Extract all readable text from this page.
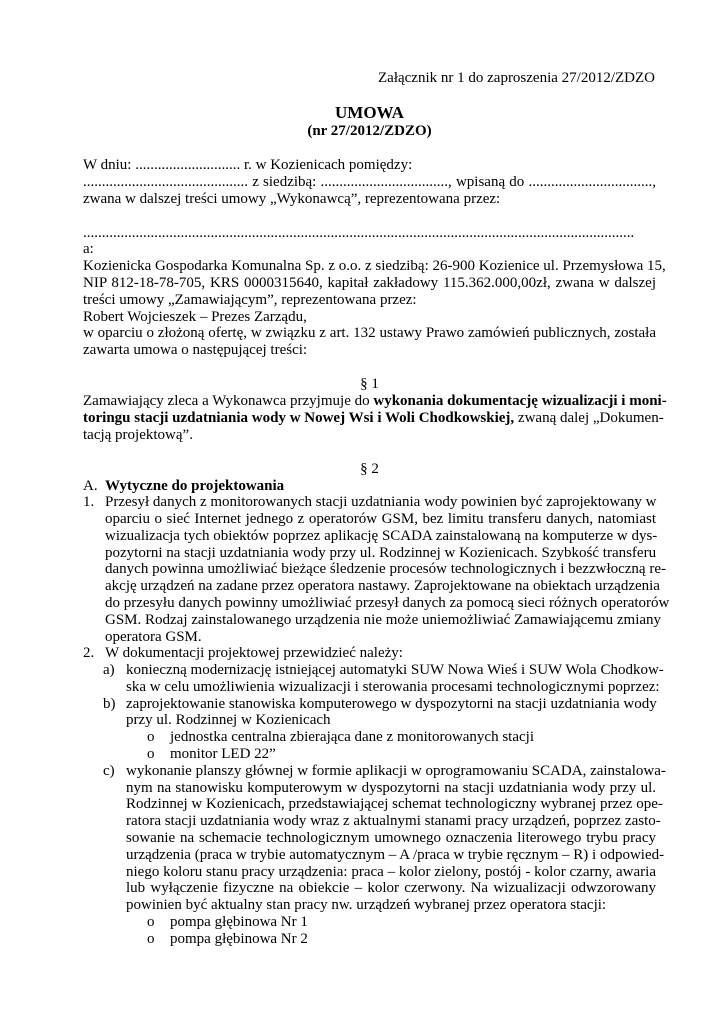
Załącznik nr 1 do zaproszenia 27/2012/ZDZO
UMOWA
(nr 27/2012/ZDZO)
W dniu: ............................ r. w Kozienicach pomiędzy:
............................................ z siedzibą: .................................., wpisaną do .................................,
zwana w dalszej treści umowy „Wykonawcą”, reprezentowana przez:
...................................................................................................................................................
a:
Kozienicka Gospodarka Komunalna Sp. z o.o. z siedzibą: 26-900 Kozienice ul. Przemysłowa 15,
NIP 812-18-78-705, KRS 0000315640, kapitał zakładowy 115.362.000,00zł, zwana w dalszej
treści umowy „Zamawiającym”, reprezentowana przez:
Robert Wojcieszek – Prezes Zarządu,
w oparciu o złożoną ofertę, w związku z art. 132 ustawy Prawo zamówień publicznych, została
zawarta umowa o następującej treści:
§ 1
Zamawiający zleca a Wykonawca przyjmuje do wykonania dokumentację wizualizacji i moni-
toringu stacji uzdatniania wody w Nowej Wsi i Woli Chodkowskiej, zwaną dalej „Dokumen-
tacją projektową”.
§ 2
A. Wytyczne do projektowania
1. Przesył danych z monitorowanych stacji uzdatniania wody powinien być zaprojektowany w
oparciu o sieć Internet jednego z operatorów GSM, bez limitu transferu danych, natomiast
wizualizacja tych obiektów poprzez aplikację SCADA zainstalowaną na komputerze w dys-
pozytorni na stacji uzdatniania wody przy ul. Rodzinnej w Kozienicach. Szybkość transferu
danych powinna umożliwiać bieżące śledzenie procesów technologicznych i bezzwłoczną re-
akcję urządzeń na zadane przez operatora nastawy. Zaprojektowane na obiektach urządzenia
do przesyłu danych powinny umożliwiać przesył danych za pomocą sieci różnych operatorów
GSM. Rodzaj zainstalowanego urządzenia nie może uniemożliwiać Zamawiającemu zmiany
operatora GSM.
2. W dokumentacji projektowej przewidzieć należy:
a) konieczną modernizację istniejącej automatyki SUW Nowa Wieś i SUW Wola Chodkow-
ska w celu umożliwienia wizualizacji i sterowania procesami technologicznymi poprzez:
b) zaprojektowanie stanowiska komputerowego w dyspozytorni na stacji uzdatniania wody
przy ul. Rodzinnej w Kozienicach
o jednostka centralna zbierająca dane z monitorowanych stacji
o monitor LED 22”
c) wykonanie planszy głównej w formie aplikacji w oprogramowaniu SCADA, zainstalowa-
nym na stanowisku komputerowym w dyspozytorni na stacji uzdatniania wody przy ul.
Rodzinnej w Kozienicach, przedstawiającej schemat technologiczny wybranej przez ope-
ratora stacji uzdatniania wody wraz z aktualnymi stanami pracy urządzeń, poprzez zasto-
sowanie na schemacie technologicznym umownego oznaczenia literowego trybu pracy
urządzenia (praca w trybie automatycznym – A /praca w trybie ręcznym – R) i odpowied-
niego koloru stanu pracy urządzenia: praca – kolor zielony, postój - kolor czarny, awaria
lub wyłączenie fizyczne na obiekcie – kolor czerwony. Na wizualizacji odwzorowany
powinien być aktualny stan pracy nw. urządzeń wybranej przez operatora stacji:
o pompa głębinowa Nr 1
o pompa głębinowa Nr 2
